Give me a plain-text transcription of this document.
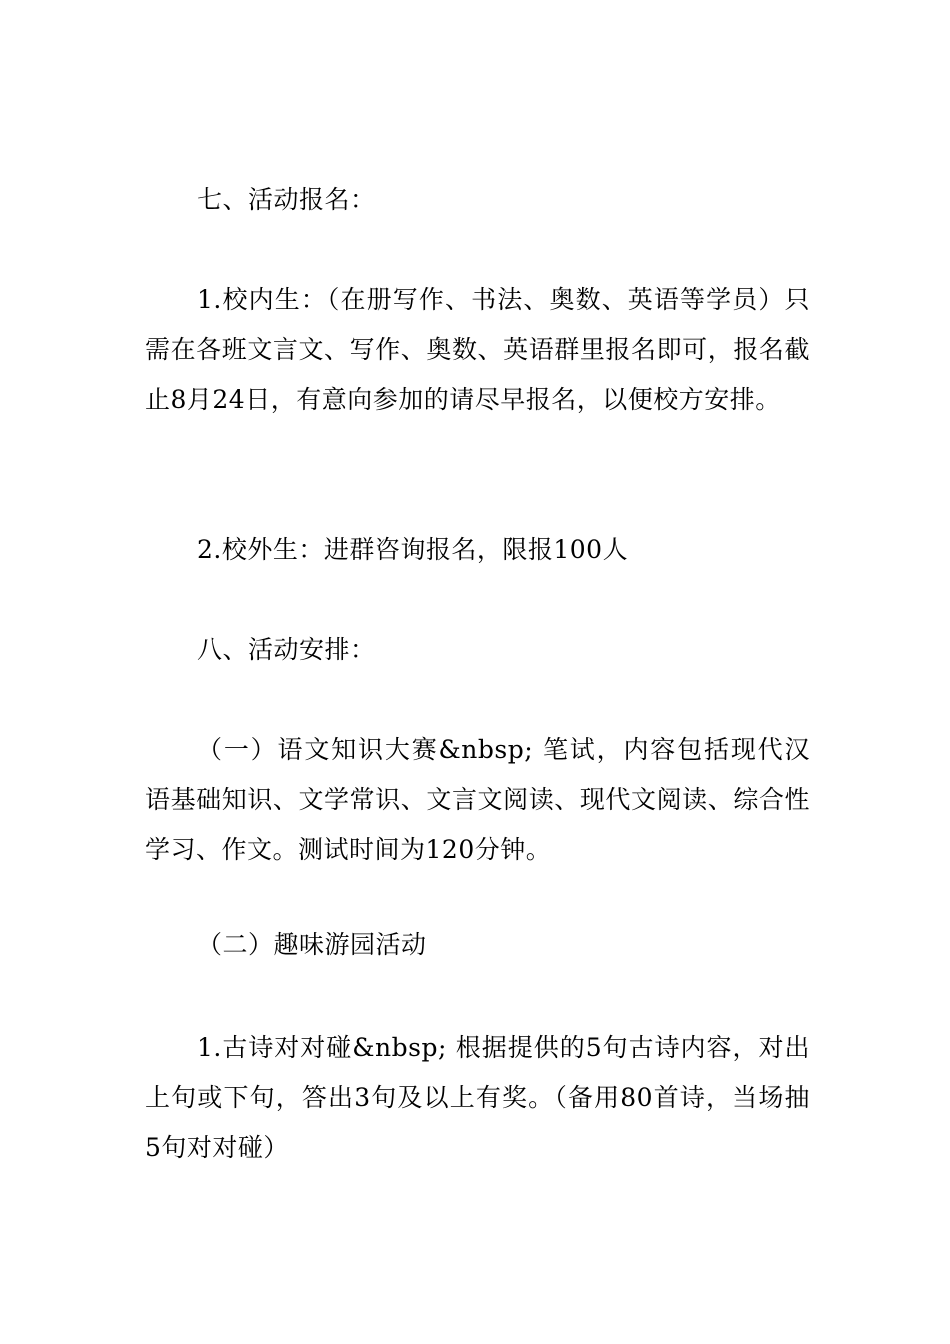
七、活动报名：

1.校内生：（在册写作、书法、奥数、英语等学员）只需在各班文言文、写作、奥数、英语群里报名即可，报名截止8月24日，有意向参加的请尽早报名，以便校方安排。

2.校外生：进群咨询报名，限报100人

八、活动安排：

（一）语文知识大赛&nbsp; 笔试，内容包括现代汉语基础知识、文学常识、文言文阅读、现代文阅读、综合性学习、作文。测试时间为120分钟。

（二）趣味游园活动

1.古诗对对碰&nbsp; 根据提供的5句古诗内容，对出上句或下句，答出3句及以上有奖。（备用80首诗，当场抽5句对对碰）
